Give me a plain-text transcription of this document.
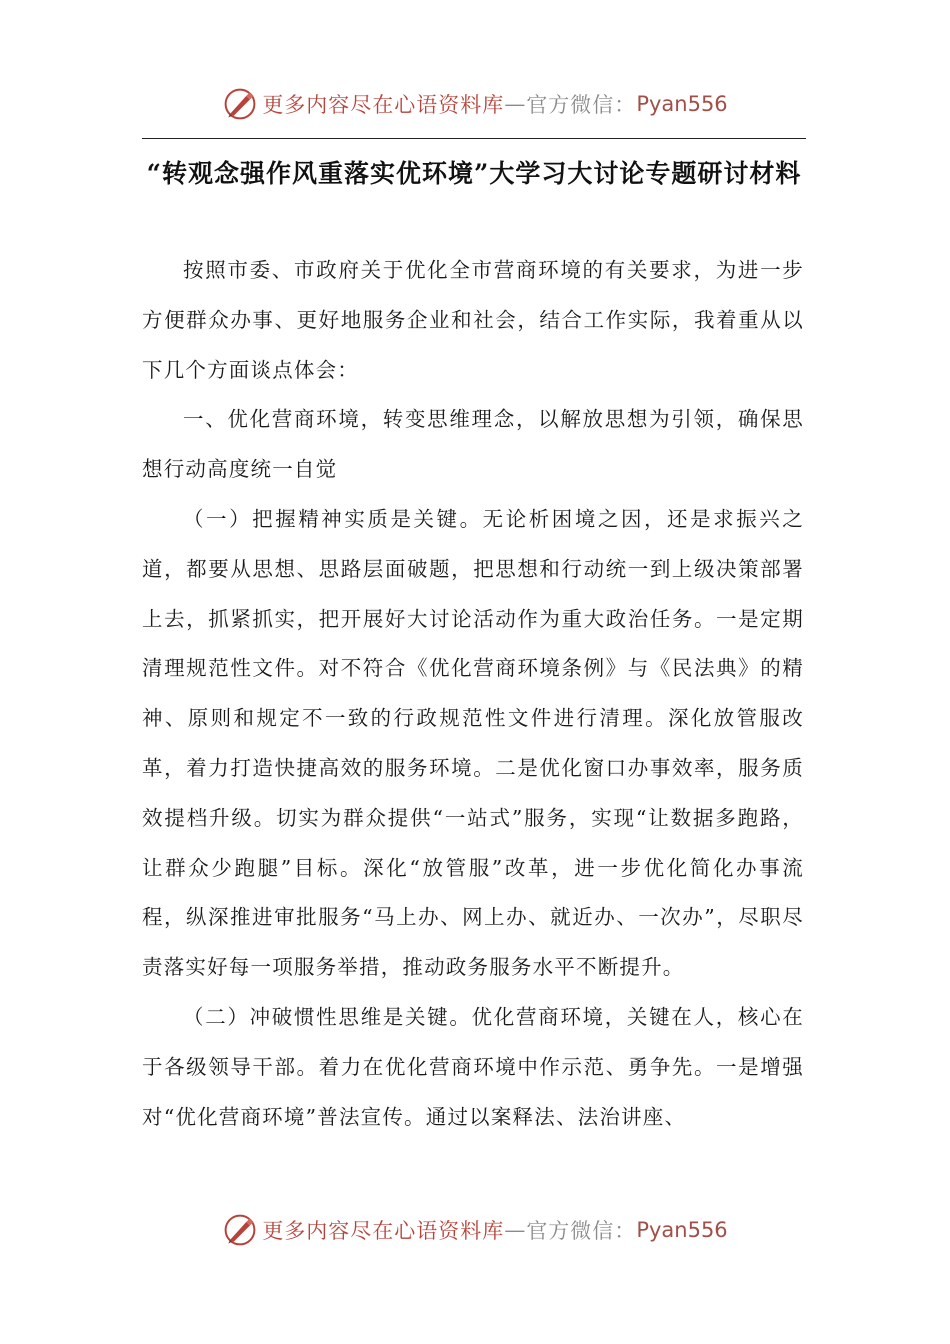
更多内容尽在心语资料库 — 官方微信： Pyan556
“转观念强作风重落实优环境”大学习大讨论专题研讨材料

按照市委、市政府关于优化全市营商环境的有关要求，为进一步方便群众办事、更好地服务企业和社会，结合工作实际，我着重从以下几个方面谈点体会：

一、优化营商环境，转变思维理念，以解放思想为引领，确保思想行动高度统一自觉

（一）把握精神实质是关键。无论析困境之因，还是求振兴之道，都要从思想、思路层面破题，把思想和行动统一到上级决策部署上去，抓紧抓实，把开展好大讨论活动作为重大政治任务。一是定期清理规范性文件。对不符合《优化营商环境条例》与《民法典》的精神、原则和规定不一致的行政规范性文件进行清理。深化放管服改革，着力打造快捷高效的服务环境。二是优化窗口办事效率，服务质效提档升级。切实为群众提供“一站式”服务，实现“让数据多跑路，让群众少跑腿”目标。深化“放管服”改革，进一步优化简化办事流程，纵深推进审批服务“马上办、网上办、就近办、一次办”，尽职尽责落实好每一项服务举措，推动政务服务水平不断提升。

（二）冲破惯性思维是关键。优化营商环境，关键在人，核心在于各级领导干部。着力在优化营商环境中作示范、勇争先。一是增强对“优化营商环境”普法宣传。通过以案释法、法治讲座、

更多内容尽在心语资料库 — 官方微信： Pyan556
